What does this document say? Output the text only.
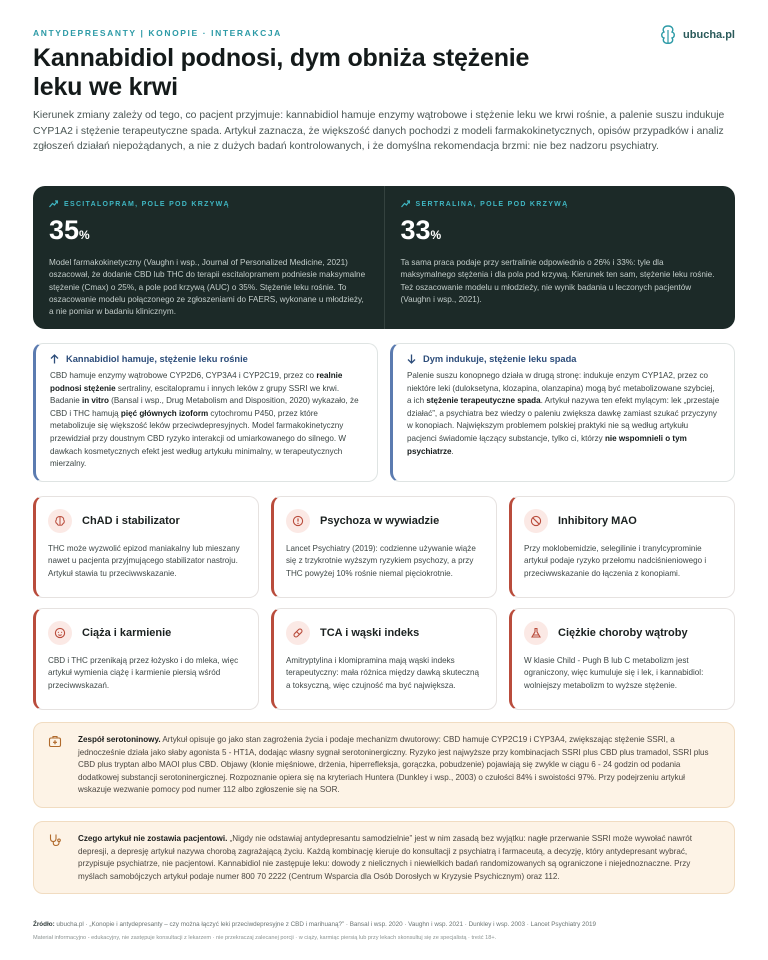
ANTYDEPRESANTY | KONOPIE · INTERAKCJA	ubucha.pl
Kannabidiol podnosi, dym obniża stężenie leku we krwi

Kierunek zmiany zależy od tego, co pacjent przyjmuje: kannabidiol hamuje enzymy wątrobowe i stężenie leku we krwi rośnie, a palenie suszu indukuje CYP1A2 i stężenie terapeutyczne spada. Artykuł zaznacza, że większość danych pochodzi z modeli farmakokinetycznych, opisów przypadków i analiz zgłoszeń działań niepożądanych, a nie z dużych badań kontrolowanych, i że domyślna rekomendacja brzmi: nie bez nadzoru psychiatry.

ESCITALOPRAM, POLE POD KRZYWĄ
35%
Model farmakokinetyczny (Vaughn i wsp., Journal of Personalized Medicine, 2021) oszacował, że dodanie CBD lub THC do terapii escitalopramem podniesie maksymalne stężenie (Cmax) o 25%, a pole pod krzywą (AUC) o 35%. Stężenie leku rośnie. To oszacowanie modelu połączonego ze zgłoszeniami do FAERS, wykonane u młodzieży, a nie pomiar w badaniu klinicznym.
SERTRALINA, POLE POD KRZYWĄ
33%
Ta sama praca podaje przy sertralinie odpowiednio o 26% i 33%: tyle dla maksymalnego stężenia i dla pola pod krzywą. Kierunek ten sam, stężenie leku rośnie. Też oszacowanie modelu u młodzieży, nie wynik badania u leczonych pacjentów (Vaughn i wsp., 2021).
Kannabidiol hamuje, stężenie leku rośnie

CBD hamuje enzymy wątrobowe CYP2D6, CYP3A4 i CYP2C19, przez co realnie podnosi stężenie sertraliny, escitalopramu i innych leków z grupy SSRI we krwi. Badanie in vitro (Bansal i wsp., Drug Metabolism and Disposition, 2020) wykazało, że CBD i THC hamują pięć głównych izoform cytochromu P450, przez które metabolizuje się większość leków przeciwdepresyjnych. Model farmakokinetyczny przewidział przy doustnym CBD ryzyko interakcji od umiarkowanego do silnego. W dawkach kosmetycznych efekt jest według artykułu minimalny, w terapeutycznych mierzalny.

Dym indukuje, stężenie leku spada

Palenie suszu konopnego działa w drugą stronę: indukuje enzym CYP1A2, przez co niektóre leki (duloksetyna, klozapina, olanzapina) mogą być metabolizowane szybciej, a ich stężenie terapeutyczne spada. Artykuł nazywa ten efekt mylącym: lek „przestaje działać”, a psychiatra bez wiedzy o paleniu zwiększa dawkę zamiast szukać przyczyny w konopiach. Największym problemem polskiej praktyki nie są według artykułu pacjenci świadomie łączący substancje, tylko ci, którzy nie wspomnieli o tym psychiatrze.

ChAD i stabilizator

THC może wyzwolić epizod maniakalny lub mieszany nawet u pacjenta przyjmującego stabilizator nastroju. Artykuł stawia tu przeciwwskazanie.

Psychoza w wywiadzie

Lancet Psychiatry (2019): codzienne używanie wiąże się z trzykrotnie wyższym ryzykiem psychozy, a przy THC powyżej 10% rośnie niemal pięciokrotnie.

Inhibitory MAO

Przy moklobemidzie, selegilinie i tranylcyprominie artykuł podaje ryzyko przełomu nadciśnieniowego i przeciwwskazanie do łączenia z konopiami.

Ciąża i karmienie

CBD i THC przenikają przez łożysko i do mleka, więc artykuł wymienia ciążę i karmienie piersią wśród przeciwwskazań.

TCA i wąski indeks

Amitryptylina i klomipramina mają wąski indeks terapeutyczny: mała różnica między dawką skuteczną a toksyczną, więc czujność ma być największa.

Ciężkie choroby wątroby

W klasie Child - Pugh B lub C metabolizm jest ograniczony, więc kumuluje się i lek, i kannabidiol: wolniejszy metabolizm to wyższe stężenie.

Zespół serotoninowy. Artykuł opisuje go jako stan zagrożenia życia i podaje mechanizm dwutorowy: CBD hamuje CYP2C19 i CYP3A4, zwiększając stężenie SSRI, a jednocześnie działa jako słaby agonista 5 - HT1A, dodając własny sygnał serotoninergiczny. Ryzyko jest najwyższe przy kombinacjach SSRI plus CBD plus tramadol, SSRI plus CBD plus tryptan albo MAOI plus CBD. Objawy (klonie mięśniowe, drżenia, hiperrefleksja, gorączka, pobudzenie) pojawiają się zwykle w ciągu 6 - 24 godzin od podania dodatkowej substancji serotoninergicznej. Rozpoznanie opiera się na kryteriach Huntera (Dunkley i wsp., 2003) o czułości 84% i swoistości 97%. Przy podejrzeniu artykuł wskazuje wezwanie pomocy pod numer 112 albo zgłoszenie się na SOR.

Czego artykuł nie zostawia pacjentowi. „Nigdy nie odstawiaj antydepresantu samodzielnie” jest w nim zasadą bez wyjątku: nagłe przerwanie SSRI może wywołać nawrót depresji, a depresję artykuł nazywa chorobą zagrażającą życiu. Każdą kombinację kieruje do konsultacji z psychiatrą i farmaceutą, a decyzję, który antydepresant wybrać, przypisuje psychiatrze, nie pacjentowi. Kannabidiol nie zastępuje leku: dowody z nielicznych i niewielkich badań randomizowanych są ograniczone i niejednoznaczne. Przy myślach samobójczych artykuł podaje numer 800 70 2222 (Centrum Wsparcia dla Osób Dorosłych w Kryzysie Psychicznym) oraz 112.

Źródło: ubucha.pl · „Konopie i antydepresanty – czy można łączyć leki przeciwdepresyjne z CBD i marihuaną?” · Bansal i wsp. 2020 · Vaughn i wsp. 2021 · Dunkley i wsp. 2003 · Lancet Psychiatry 2019

Materiał informacyjno - edukacyjny, nie zastępuje konsultacji z lekarzem · nie przekraczaj zalecanej porcji · w ciąży, karmiąc piersią lub przy lekach skonsultuj się ze specjalistą · treść 18+.
